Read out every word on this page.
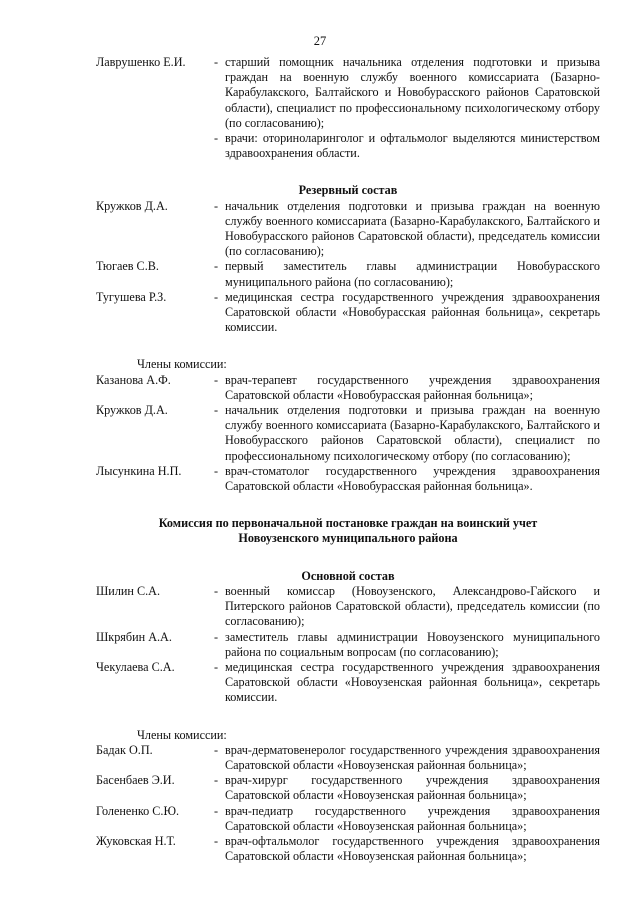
27
Лаврушенко Е.И.	- старший помощник начальника отделения подготовки и призыва граждан на военную службу военного комиссариата (Базарно-Карабулакского, Балтайского и Новобурасского районов Саратовской области), специалист по профессиональному психологическому отбору (по согласованию);
- врачи: оториноларинголог и офтальмолог выделяются министерством здравоохранения области.
Резервный состав
Кружков Д.А.	- начальник отделения подготовки и призыва граждан на военную службу военного комиссариата (Базарно-Карабулакского, Балтайского и Новобурасского районов Саратовской области), председатель комиссии (по согласованию);
Тюгаев С.В.	- первый заместитель главы администрации Новобурасского муниципального района (по согласованию);
Тугушева Р.З.	- медицинская сестра государственного учреждения здравоохранения Саратовской области «Новобурасская районная больница», секретарь комиссии.
Члены комиссии:
Казанова А.Ф.	- врач-терапевт государственного учреждения здравоохранения Саратовской области «Новобурасская районная больница»;
Кружков Д.А.	- начальник отделения подготовки и призыва граждан на военную службу военного комиссариата (Базарно-Карабулакского, Балтайского и Новобурасского районов Саратовской области), специалист по профессиональному психологическому отбору (по согласованию);
Лысункина Н.П.	- врач-стоматолог государственного учреждения здравоохранения Саратовской области «Новобурасская районная больница».
Комиссия по первоначальной постановке граждан на воинский учет
Новоузенского муниципального района
Основной состав
Шилин С.А.	- военный комиссар (Новоузенского, Александрово-Гайского и Питерского районов Саратовской области), председатель комиссии (по согласованию);
Шкрябин А.А.	- заместитель главы администрации Новоузенского муниципального района по социальным вопросам (по согласованию);
Чекулаева С.А.	- медицинская сестра государственного учреждения здравоохранения Саратовской области «Новоузенская районная больница», секретарь комиссии.
Члены комиссии:
Бадак О.П.	- врач-дерматовенеролог государственного учреждения здравоохранения Саратовской области «Новоузенская районная больница»;
Басенбаев Э.И.	- врач-хирург государственного учреждения здравоохранения Саратовской области «Новоузенская районная больница»;
Голененко С.Ю.	- врач-педиатр государственного учреждения здравоохранения Саратовской области «Новоузенская районная больница»;
Жуковская Н.Т.	- врач-офтальмолог государственного учреждения здравоохранения Саратовской области «Новоузенская районная больница»;
